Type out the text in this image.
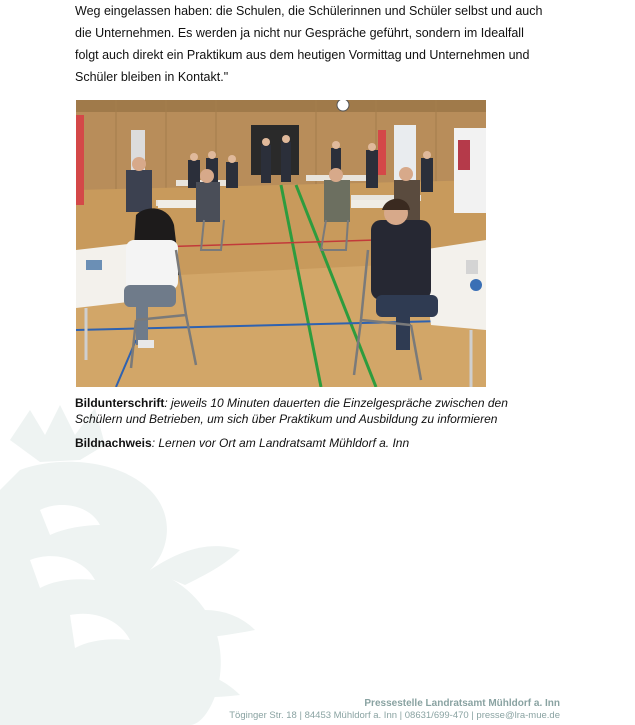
Weg eingelassen haben: die Schulen, die Schülerinnen und Schüler selbst und auch
die Unternehmen. Es werden ja nicht nur Gespräche geführt, sondern im Idealfall
folgt auch direkt ein Praktikum aus dem heutigen Vormittag und Unternehmen und
Schüler bleiben in Kontakt."

Bildunterschrift: jeweils 10 Minuten dauerten die Einzelgespräche zwischen den
Schülern und Betrieben, um sich über Praktikum und Ausbildung zu informieren

Bildnachweis: Lernen vor Ort am Landratsamt Mühldorf a. Inn

Pressestelle Landratsamt Mühldorf a. Inn
Töginger Str. 18 | 84453 Mühldorf a. Inn | 08631/699-470 | presse@lra-mue.de
